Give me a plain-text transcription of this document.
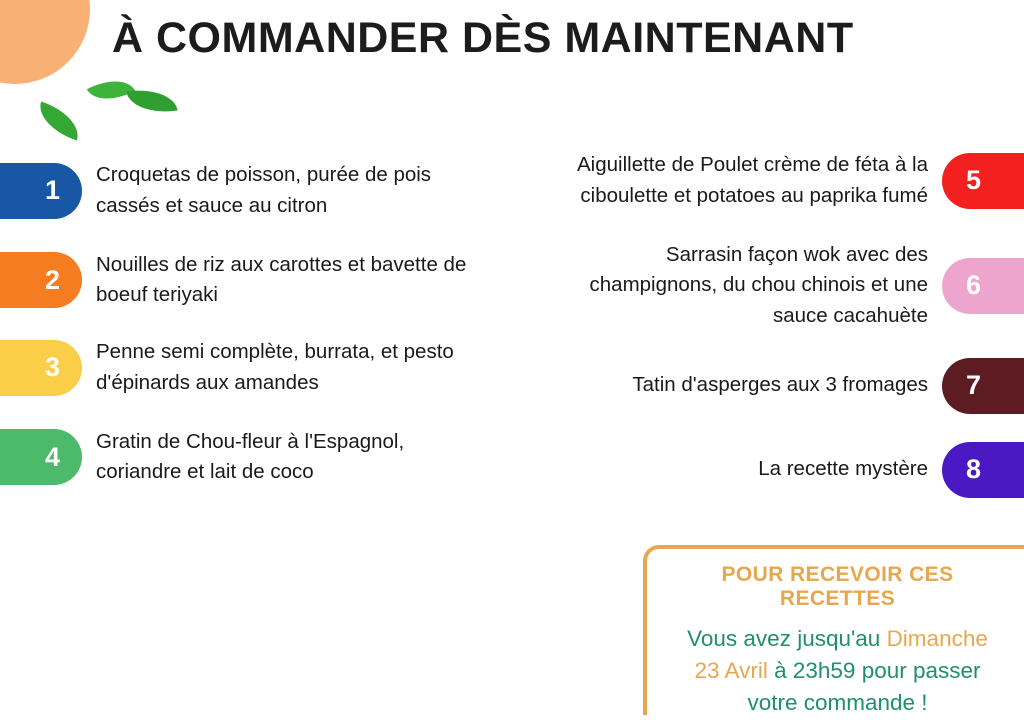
À COMMANDER DÈS MAINTENANT
1
Croquetas de poisson, purée de pois cassés et sauce au citron
2
Nouilles de riz aux carottes et bavette de boeuf teriyaki
3
Penne semi complète, burrata, et pesto d'épinards aux amandes
4
Gratin de Chou-fleur à l'Espagnol, coriandre et lait de coco
Aiguillette de Poulet crème de féta à la ciboulette et potatoes au paprika fumé	5
Sarrasin façon wok avec des champignons, du chou chinois et une sauce cacahuète
6
Tatin d'asperges aux 3 fromages	7
La recette mystère	8
POUR RECEVOIR CES RECETTES
Vous avez jusqu'au Dimanche
23 Avril à 23h59 pour passer
votre commande !
